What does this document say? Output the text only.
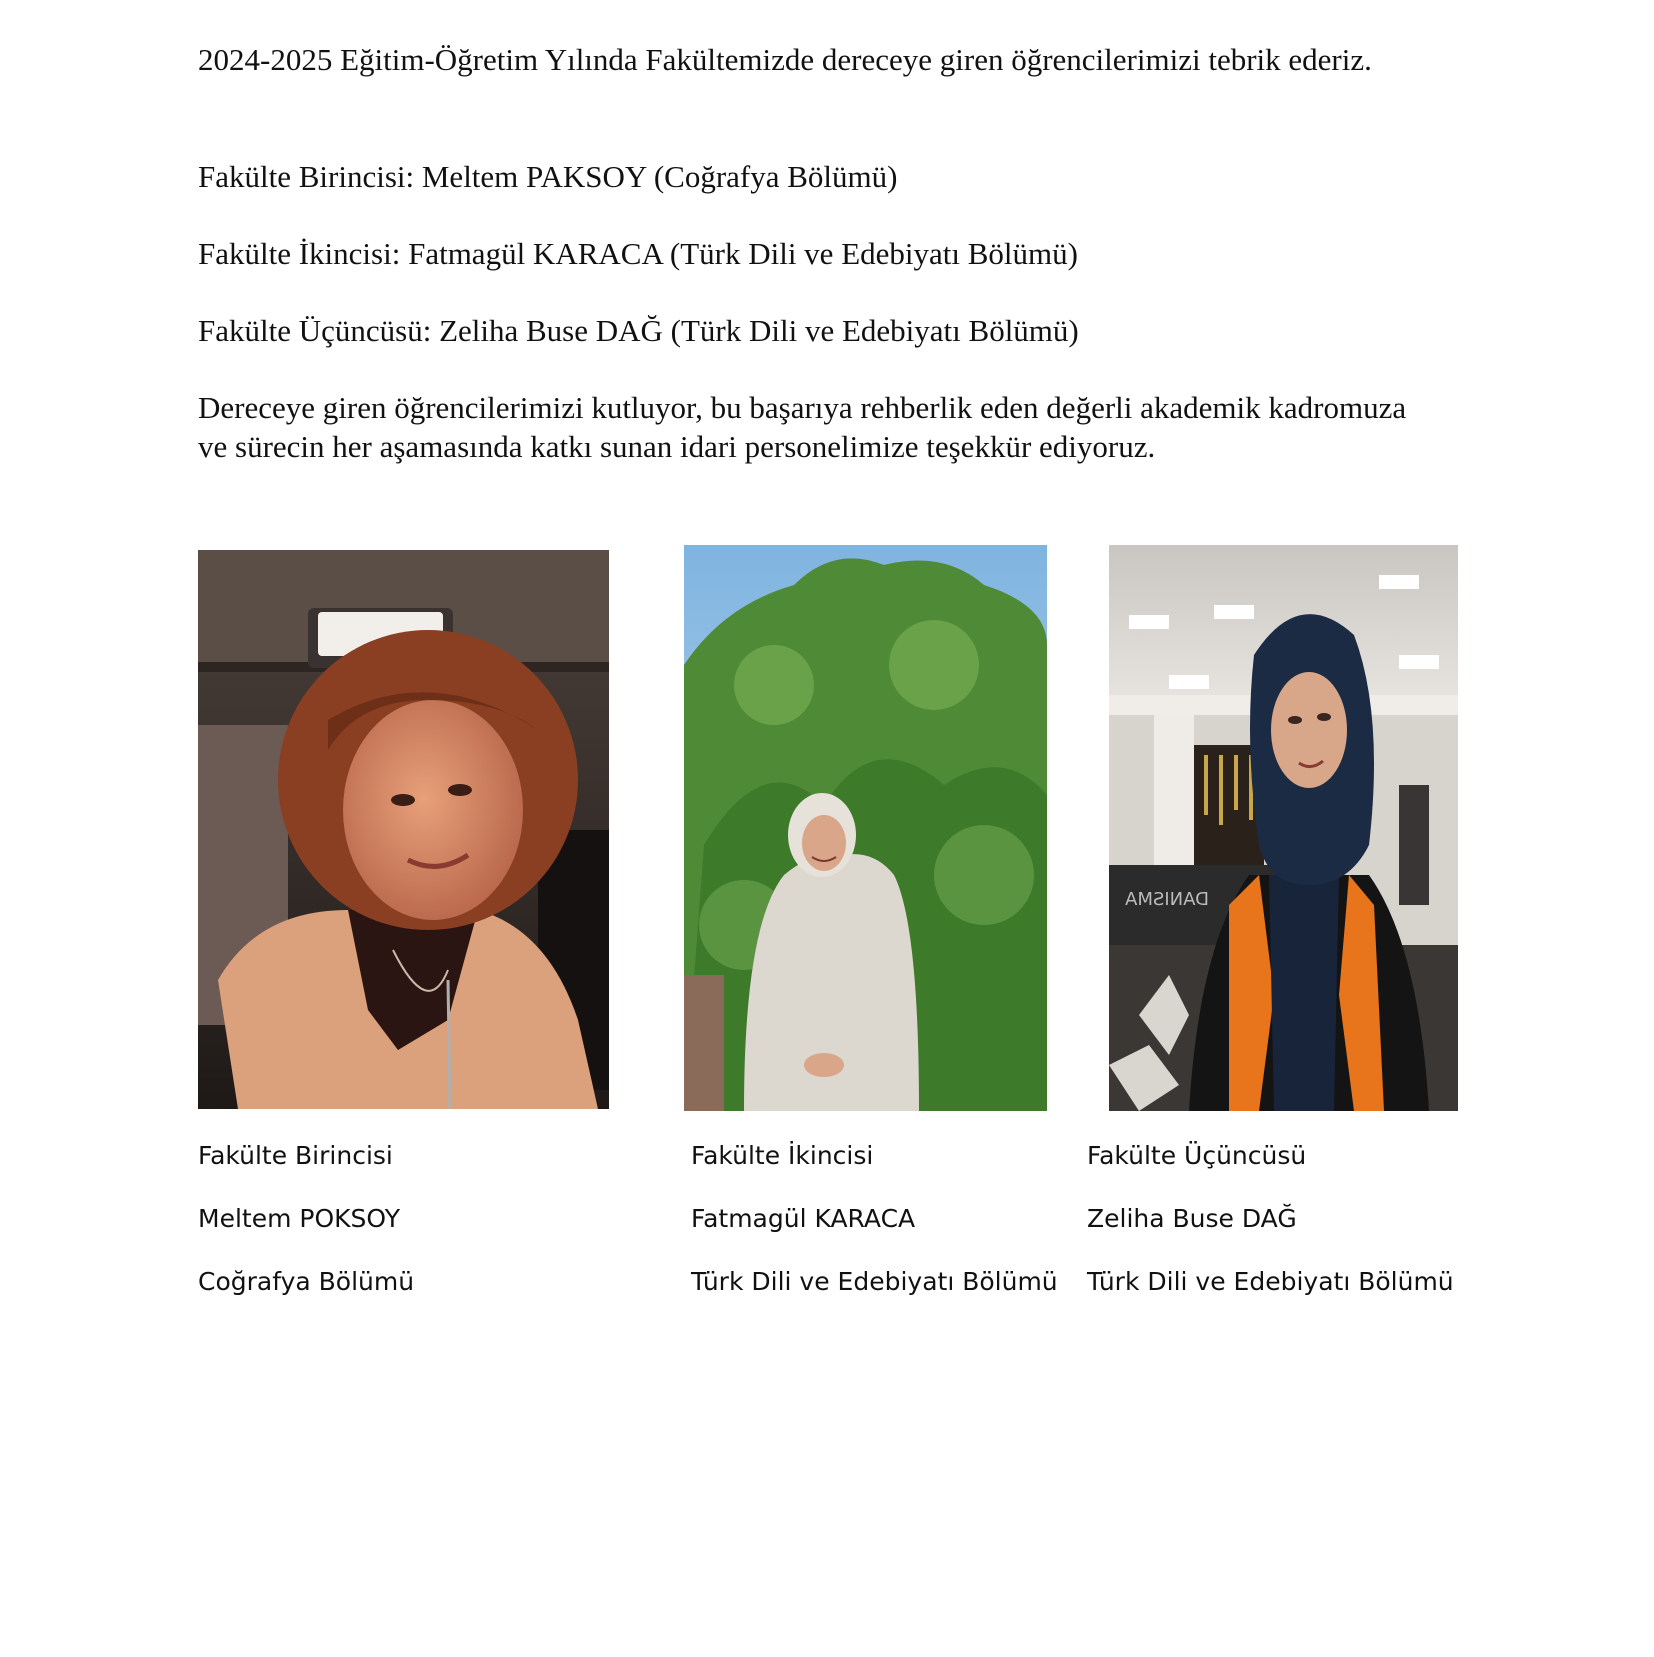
2024-2025 Eğitim-Öğretim Yılında Fakültemizde dereceye giren öğrencilerimizi tebrik ederiz.

Fakülte Birincisi: Meltem PAKSOY (Coğrafya Bölümü)

Fakülte İkincisi: Fatmagül KARACA (Türk Dili ve Edebiyatı Bölümü)

Fakülte Üçüncüsü: Zeliha Buse DAĞ (Türk Dili ve Edebiyatı Bölümü)

Dereceye giren öğrencilerimizi kutluyor, bu başarıya rehberlik eden değerli akademik kadromuza ve sürecin her aşamasında katkı sunan idari personelimize teşekkür ediyoruz.

DANISMA
Fakülte Birincisi
Meltem POKSOY
Coğrafya Bölümü
Fakülte İkincisi
Fatmagül KARACA
Türk Dili ve Edebiyatı Bölümü
Fakülte Üçüncüsü
Zeliha Buse DAĞ
Türk Dili ve Edebiyatı Bölümü
